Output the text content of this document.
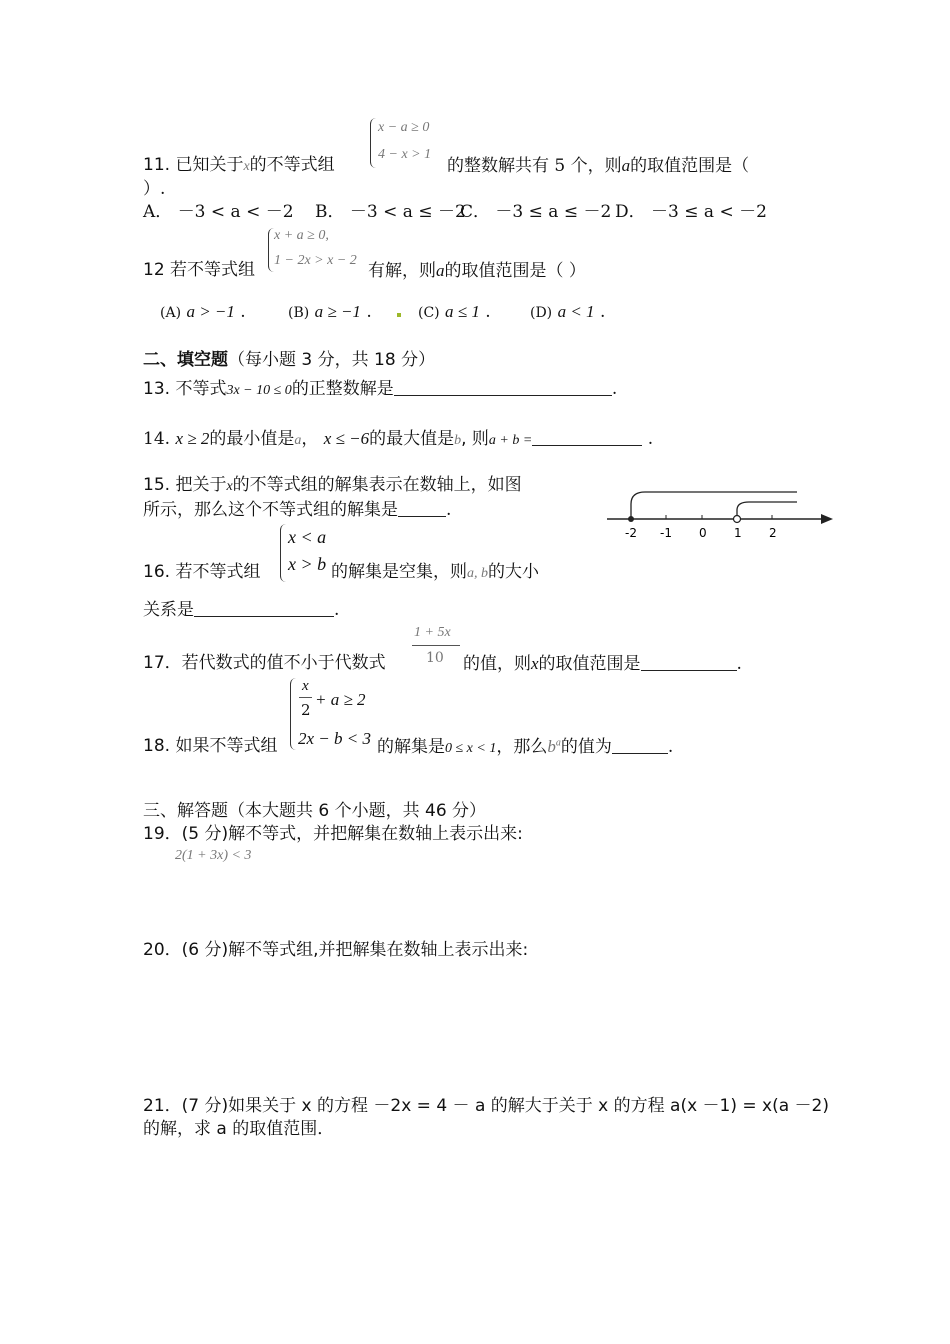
x − a ≥ 0
4 − x > 1
11. 已知关于x的不等式组	的整数解共有 5 个，则a的取值范围是（
）.
A． －3 < a < －2 B． －3 < a ≤ －2
C． －3 ≤ a ≤ －2 D． －3 ≤ a < －2
x + a ≥ 0,
1 − 2x > x − 2
12 若不等式组	有解，则a的取值范围是（ ）
(A) a > −1 .	(B) a ≥ −1 .	(C) a ≤ 1 .	(D) a < 1 .
二、填空题（每小题 3 分，共 18 分）
13. 不等式3x − 10 ≤ 0的正整数解是	.
14. x ≥ 2的最小值是a， x ≤ −6的最大值是b, 则a + b =	.
15. 把关于x的不等式组的解集表示在数轴上，如图
所示，那么这个不等式组的解集是	.
-2 -1 0 1 2
x < a
x > b
16. 若不等式组	的解集是空集，则a, b的大小
关系是	.
1 + 5x
10
17．若代数式的值不小于代数式	的值，则x的取值范围是	.
x
2
+ a ≥ 2
2x − b < 3
18. 如果不等式组	的解集是0 ≤ x < 1，那么$b^a$的值为	.
三、解答题（本大题共 6 个小题，共 46 分）
19．(5 分)解不等式，并把解集在数轴上表示出来:
2(1 + 3x) < 3
20．(6 分)解不等式组,并把解集在数轴上表示出来:
21．(7 分)如果关于 x 的方程 －2x = 4 － a 的解大于关于 x 的方程 a(x －1) = x(a －2)
的解，求 a 的取值范围．
